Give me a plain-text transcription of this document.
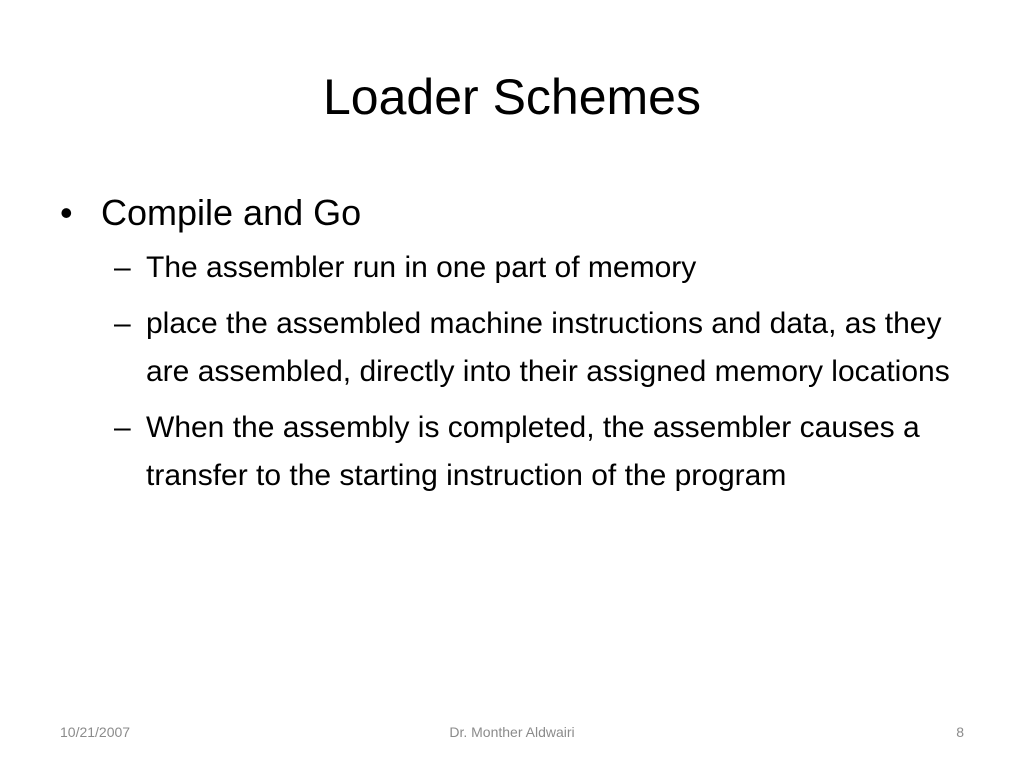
Loader Schemes
• Compile and Go
– The assembler run in one part of memory
– place the assembled machine instructions and data, as they are assembled, directly into their assigned memory locations
– When the assembly is completed, the assembler causes a transfer to the starting instruction of the program
10/21/2007	Dr. Monther Aldwairi	8
